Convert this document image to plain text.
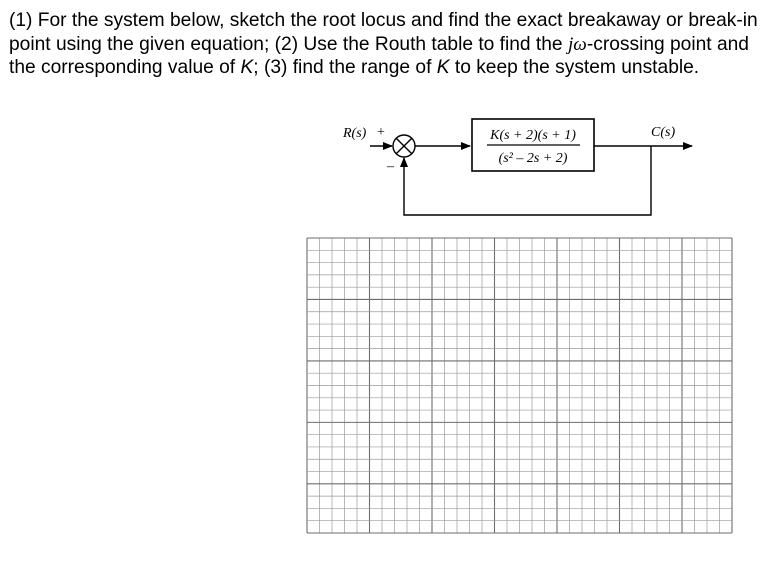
(1) For the system below, sketch the root locus and find the exact breakaway or break-in point using the given equation; (2) Use the Routh table to find the jω-crossing point and the corresponding value of K; (3) find the range of K to keep the system unstable.

R(s) +
–
K(s + 2)(s + 1)
(s² – 2s + 2)
C(s)
